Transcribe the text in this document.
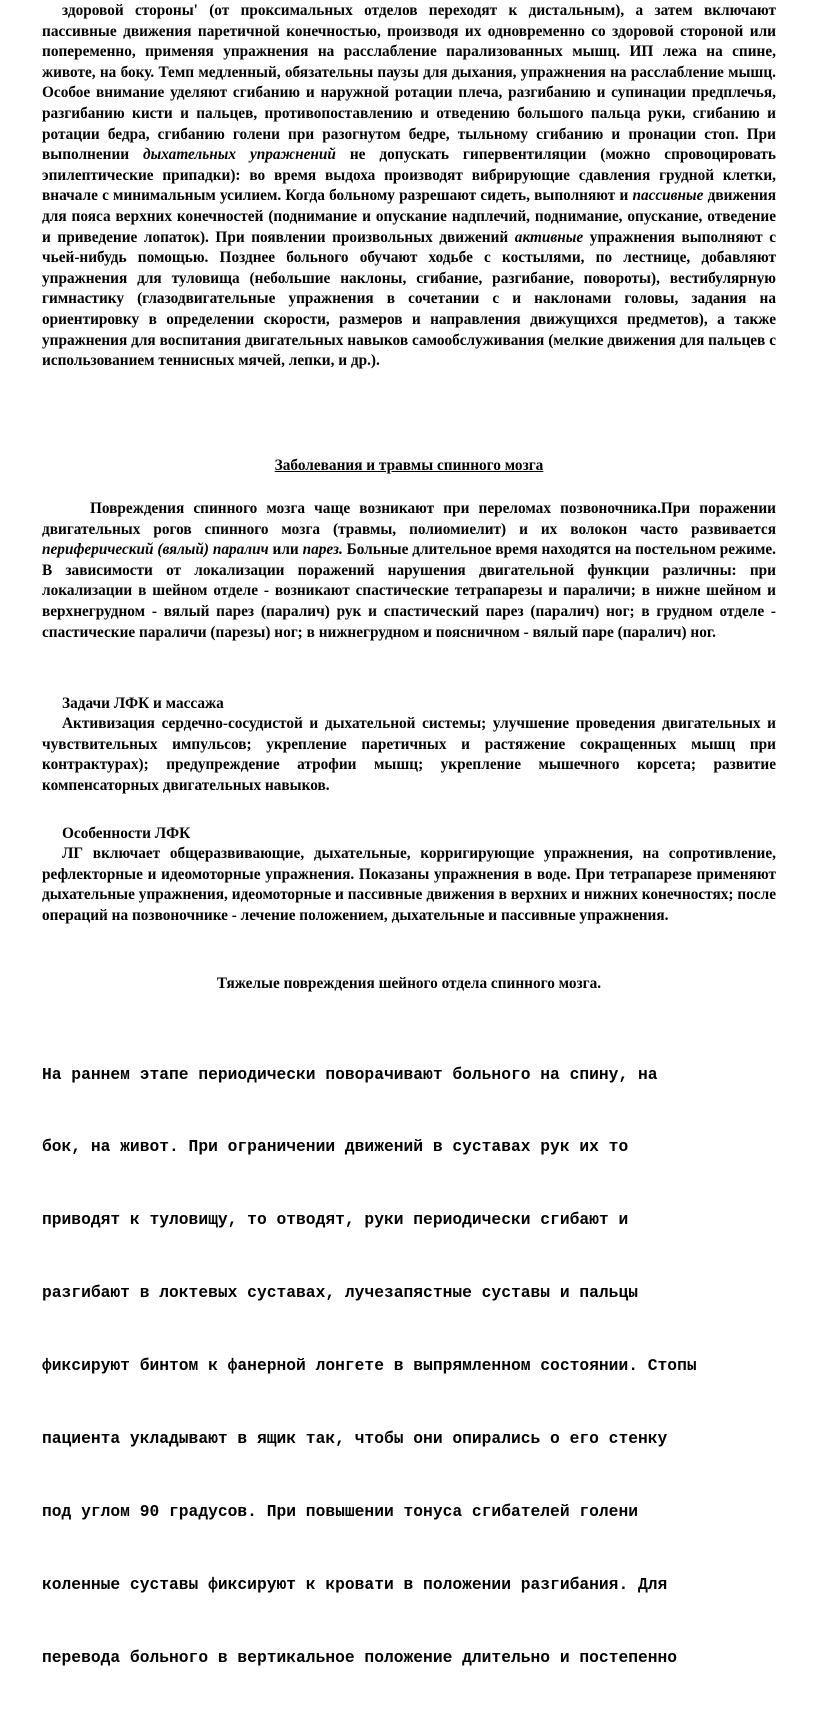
здоровой стороны' (от проксимальных отделов переходят к дистальным), а затем включают пассивные движения паретичной конечностью, производя их одновременно со здоровой стороной или попеременно, применяя упражнения на расслабление парализованных мышц. ИП лежа на спине, животе, на боку. Темп медленный, обязательны паузы для дыхания, упражнения на расслабление мышц. Особое внимание уделяют сгибанию и наружной ротации плеча, разгибанию и супинации предплечья, разгибанию кисти и пальцев, противопоставлению и отведению большого пальца руки, сгибанию и ротации бедра, сгибанию голени при разогнутом бедре, тыльному сгибанию и пронации стоп. При выполнении дыхательных упражнений не допускать гипервентиляции (можно спровоцировать эпилептические припадки): во время выдоха производят вибрирующие сдавления грудной клетки, вначале с минимальным усилием. Когда больному разрешают сидеть, выполняют и пассивные движения для пояса верхних конечностей (поднимание и опускание надплечий, поднимание, опускание, отведение и приведение лопаток). При появлении произвольных движений активные упражнения выполняют с чьей-нибудь помощью. Позднее больного обучают ходьбе с костылями, по лестнице, добавляют упражнения для туловища (небольшие наклоны, сгибание, разгибание, повороты), вестибулярную гимнастику (глазодвигательные упражнения в сочетании с и наклонами головы, задания на ориентировку в определении скорости, размеров и направления движущихся предметов), а также упражнения для воспитания двигательных навыков самообслуживания (мелкие движения для пальцев с использованием теннисных мячей, лепки, и др.).

Заболевания и травмы спинного мозга

Повреждения спинного мозга чаще возникают при переломах позвоночника.При поражении двигательных рогов спинного мозга (травмы, полиомиелит) и их волокон часто развивается периферический (вялый) паралич или парез. Больные длительное время находятся на постельном режиме. В зависимости от локализации поражений нарушения двигательной функции различны: при локализации в шейном отделе - возникают спастические тетрапарезы и параличи; в нижне шейном и верхнегрудном - вялый парез (паралич) рук и спастический парез (паралич) ног; в грудном отделе - спастические параличи (парезы) ног; в нижнегрудном и поясничном - вялый паре (паралич) ног.

Задачи ЛФК и массажа

Активизация сердечно-сосудистой и дыхательной системы; улучшение проведения двигательных и чувствительных импульсов; укрепление паретичных и растяжение сокращенных мышц при контрактурах); предупреждение атрофии мышц; укрепление мышечного корсета; развитие компенсаторных двигательных навыков.

Особенности ЛФК

ЛГ включает общеразвивающие, дыхательные, корригирующие упражнения, на сопротивление, рефлекторные и идеомоторные упражнения. Показаны упражнения в воде. При тетрапарезе применяют дыхательные упражнения, идеомоторные и пассивные движения в верхних и нижних конечностях; после операций на позвоночнике - лечение положением, дыхательные и пассивные упражнения.

Тяжелые повреждения шейного отдела спинного мозга.

На раннем этапе периодически поворачивают больного на спину, на

бок, на живот. При ограничении движений в суставах рук их то

приводят к туловищу, то отводят, руки периодически сгибают и

разгибают в локтевых суставах, лучезапястные суставы и пальцы

фиксируют бинтом к фанерной лонгете в выпрямленном состоянии. Стопы

пациента укладывают в ящик так, чтобы они опирались о его стенку

под углом 90 градусов. При повышении тонуса сгибателей голени

коленные суставы фиксируют к кровати в положении разгибания. Для

перевода больного в вертикальное положение длительно и постепенно
